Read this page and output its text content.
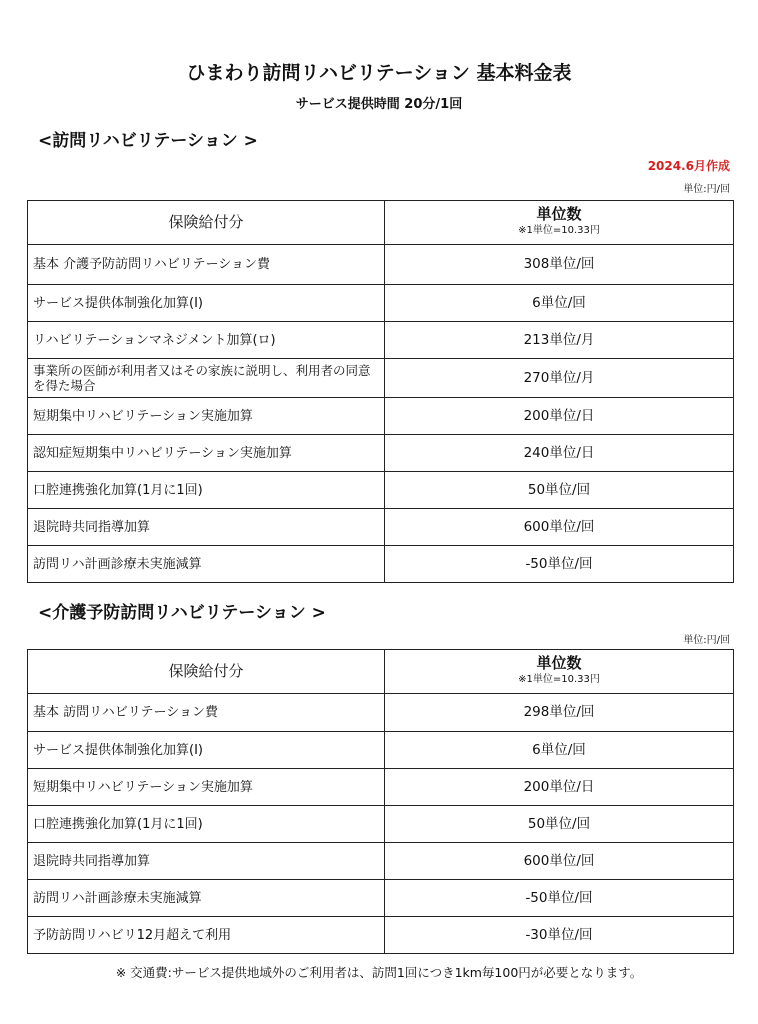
ひまわり訪問リハビリテーション 基本料金表
サービス提供時間 20分/1回
<訪問リハビリテーション >
2024.6月作成
単位:円/回
保険給付分	単位数
※1単位=10.33円

基本 介護予防訪問リハビリテーション費	308単位/回
サービス提供体制強化加算(Ⅰ)	6単位/回
リハビリテーションマネジメント加算(ロ)	213単位/月
事業所の医師が利用者又はその家族に説明し、利用者の同意を得た場合	270単位/月
短期集中リハビリテーション実施加算	200単位/日
認知症短期集中リハビリテーション実施加算	240単位/日
口腔連携強化加算(1月に1回)	50単位/回
退院時共同指導加算	600単位/回
訪問リハ計画診療未実施減算	-50単位/回
<介護予防訪問リハビリテーション >
単位:円/回
保険給付分	単位数
※1単位=10.33円

基本 訪問リハビリテーション費	298単位/回
サービス提供体制強化加算(Ⅰ)	6単位/回
短期集中リハビリテーション実施加算	200単位/日
口腔連携強化加算(1月に1回)	50単位/回
退院時共同指導加算	600単位/回
訪問リハ計画診療未実施減算	-50単位/回
予防訪問リハビリ12月超えて利用	-30単位/回
※ 交通費:サービス提供地域外のご利用者は、訪問1回につき1km毎100円が必要となります。
